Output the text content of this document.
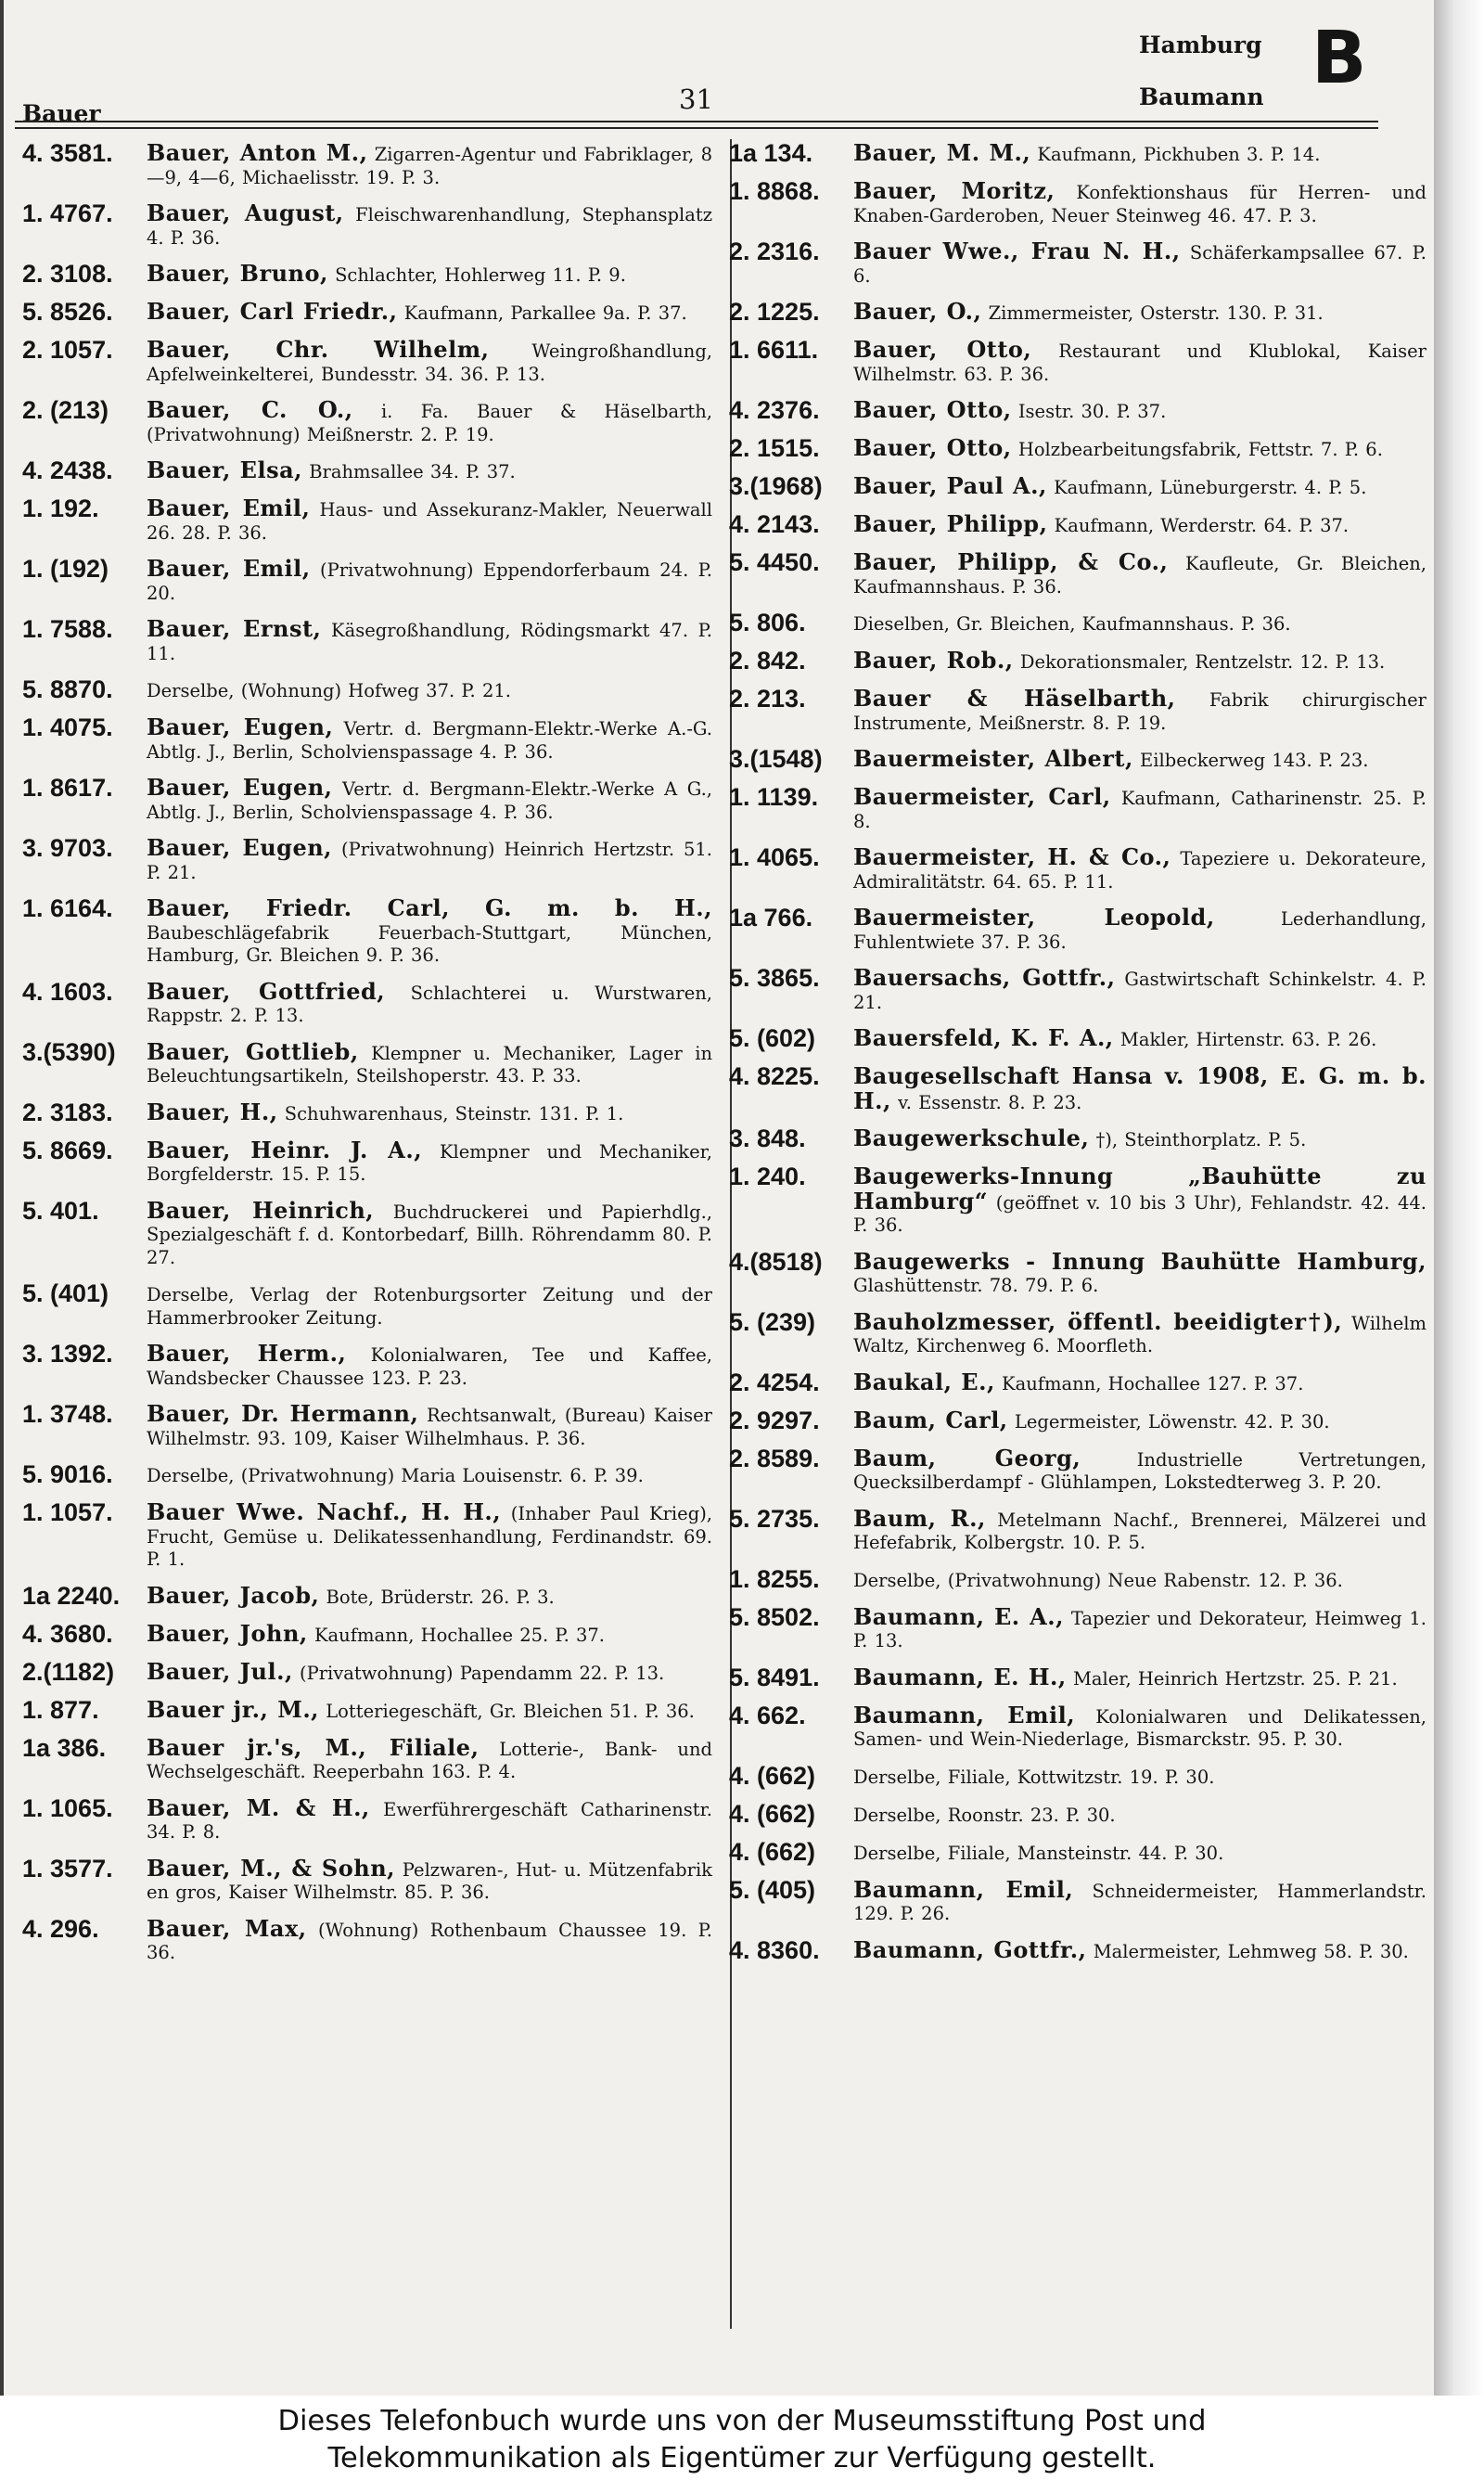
Bauer	31
Hamburg
Baumann B
4. 3581.	Bauer, Anton M., Zigarren-Agentur und Fabriklager, 8—9, 4—6, Michaelisstr. 19. P. 3.
1. 4767.	Bauer, August, Fleischwarenhandlung, Stephansplatz 4. P. 36.
2. 3108.	Bauer, Bruno, Schlachter, Hohlerweg 11. P. 9.
5. 8526.	Bauer, Carl Friedr., Kaufmann, Parkallee 9a. P. 37.
2. 1057.	Bauer, Chr. Wilhelm, Weingroßhandlung, Apfelweinkelterei, Bundesstr. 34. 36. P. 13.
2. (213)	Bauer, C. O., i. Fa. Bauer & Häselbarth, (Privatwohnung) Meißnerstr. 2. P. 19.
4. 2438.	Bauer, Elsa, Brahmsallee 34. P. 37.
1. 192.	Bauer, Emil, Haus- und Assekuranz-Makler, Neuerwall 26. 28. P. 36.
1. (192)	Bauer, Emil, (Privatwohnung) Eppendorferbaum 24. P. 20.
1. 7588.	Bauer, Ernst, Käsegroßhandlung, Rödingsmarkt 47. P. 11.
5. 8870.	Derselbe, (Wohnung) Hofweg 37. P. 21.
1. 4075.	Bauer, Eugen, Vertr. d. Bergmann-Elektr.-Werke A.-G. Abtlg. J., Berlin, Scholvienspassage 4. P. 36.
1. 8617.	Bauer, Eugen, Vertr. d. Bergmann-Elektr.-Werke A G., Abtlg. J., Berlin, Scholvienspassage 4. P. 36.
3. 9703.	Bauer, Eugen, (Privatwohnung) Heinrich Hertzstr. 51. P. 21.
1. 6164.	Bauer, Friedr. Carl, G. m. b. H., Baubeschlägefabrik Feuerbach-Stuttgart, München, Hamburg, Gr. Bleichen 9. P. 36.
4. 1603.	Bauer, Gottfried, Schlachterei u. Wurstwaren, Rappstr. 2. P. 13.
3.(5390)	Bauer, Gottlieb, Klempner u. Mechaniker, Lager in Beleuchtungsartikeln, Steilshoperstr. 43. P. 33.
2. 3183.	Bauer, H., Schuhwarenhaus, Steinstr. 131. P. 1.
5. 8669.	Bauer, Heinr. J. A., Klempner und Mechaniker, Borgfelderstr. 15. P. 15.
5. 401.	Bauer, Heinrich, Buchdruckerei und Papierhdlg., Spezialgeschäft f. d. Kontorbedarf, Billh. Röhrendamm 80. P. 27.
5. (401)	Derselbe, Verlag der Rotenburgsorter Zeitung und der Hammerbrooker Zeitung.
3. 1392.	Bauer, Herm., Kolonialwaren, Tee und Kaffee, Wandsbecker Chaussee 123. P. 23.
1. 3748.	Bauer, Dr. Hermann, Rechtsanwalt, (Bureau) Kaiser Wilhelmstr. 93. 109, Kaiser Wilhelmhaus. P. 36.
5. 9016.	Derselbe, (Privatwohnung) Maria Louisenstr. 6. P. 39.
1. 1057.	Bauer Wwe. Nachf., H. H., (Inhaber Paul Krieg), Frucht, Gemüse u. Delikatessenhandlung, Ferdinandstr. 69. P. 1.
1a 2240.	Bauer, Jacob, Bote, Brüderstr. 26. P. 3.
4. 3680.	Bauer, John, Kaufmann, Hochallee 25. P. 37.
2.(1182)	Bauer, Jul., (Privatwohnung) Papendamm 22. P. 13.
1. 877.	Bauer jr., M., Lotteriegeschäft, Gr. Bleichen 51. P. 36.
1a 386.	Bauer jr.'s, M., Filiale, Lotterie-, Bank- und Wechselgeschäft. Reeperbahn 163. P. 4.
1. 1065.	Bauer, M. & H., Ewerführergeschäft Catharinenstr. 34. P. 8.
1. 3577.	Bauer, M., & Sohn, Pelzwaren-, Hut- u. Mützenfabrik en gros, Kaiser Wilhelmstr. 85. P. 36.
4. 296.	Bauer, Max, (Wohnung) Rothenbaum Chaussee 19. P. 36.
1a 134.	Bauer, M. M., Kaufmann, Pickhuben 3. P. 14.
1. 8868.	Bauer, Moritz, Konfektionshaus für Herren- und Knaben-Garderoben, Neuer Steinweg 46. 47. P. 3.
2. 2316.	Bauer Wwe., Frau N. H., Schäferkampsallee 67. P. 6.
2. 1225.	Bauer, O., Zimmermeister, Osterstr. 130. P. 31.
1. 6611.	Bauer, Otto, Restaurant und Klublokal, Kaiser Wilhelmstr. 63. P. 36.
4. 2376.	Bauer, Otto, Isestr. 30. P. 37.
2. 1515.	Bauer, Otto, Holzbearbeitungsfabrik, Fettstr. 7. P. 6.
3.(1968)	Bauer, Paul A., Kaufmann, Lüneburgerstr. 4. P. 5.
4. 2143.	Bauer, Philipp, Kaufmann, Werderstr. 64. P. 37.
5. 4450.	Bauer, Philipp, & Co., Kaufleute, Gr. Bleichen, Kaufmannshaus. P. 36.
5. 806.	Dieselben, Gr. Bleichen, Kaufmannshaus. P. 36.
2. 842.	Bauer, Rob., Dekorationsmaler, Rentzelstr. 12. P. 13.
2. 213.	Bauer & Häselbarth, Fabrik chirurgischer Instrumente, Meißnerstr. 8. P. 19.
3.(1548)	Bauermeister, Albert, Eilbeckerweg 143. P. 23.
1. 1139.	Bauermeister, Carl, Kaufmann, Catharinenstr. 25. P. 8.
1. 4065.	Bauermeister, H. & Co., Tapeziere u. Dekorateure, Admiralitätstr. 64. 65. P. 11.
1a 766.	Bauermeister, Leopold,	Lederhandlung, Fuhlentwiete 37. P. 36.
5. 3865.	Bauersachs, Gottfr., Gastwirtschaft Schinkelstr. 4. P. 21.
5. (602)	Bauersfeld, K. F. A., Makler, Hirtenstr. 63. P. 26.
4. 8225.	Baugesellschaft Hansa v. 1908, E. G. m. b. H., v. Essenstr. 8. P. 23.
3. 848.	Baugewerkschule, †), Steinthorplatz. P. 5.
1. 240.	Baugewerks-Innung „Bauhütte zu Hamburg“ (geöffnet v. 10 bis 3 Uhr), Fehlandstr. 42. 44. P. 36.
4.(8518)	Baugewerks - Innung Bauhütte Hamburg, Glashüttenstr. 78. 79. P. 6.
5. (239)	Bauholzmesser, öffentl. beeidigter†), Wilhelm Waltz, Kirchenweg 6. Moorfleth.
2. 4254.	Baukal, E., Kaufmann, Hochallee 127. P. 37.
2. 9297.	Baum, Carl, Legermeister, Löwenstr. 42. P. 30.
2. 8589.	Baum, Georg,	Industrielle Vertretungen, Quecksilberdampf - Glühlampen, Lokstedterweg 3. P. 20.
5. 2735.	Baum, R., Metelmann Nachf., Brennerei, Mälzerei und Hefefabrik, Kolbergstr. 10. P. 5.
1. 8255.	Derselbe, (Privatwohnung) Neue Rabenstr. 12. P. 36.
5. 8502.	Baumann, E. A., Tapezier und Dekorateur, Heimweg 1. P. 13.
5. 8491.	Baumann, E. H., Maler, Heinrich Hertzstr. 25. P. 21.
4. 662.	Baumann, Emil, Kolonialwaren und Delikatessen, Samen- und Wein-Niederlage, Bismarckstr. 95. P. 30.
4. (662)	Derselbe, Filiale, Kottwitzstr. 19. P. 30.
4. (662)	Derselbe, Roonstr. 23. P. 30.
4. (662)	Derselbe, Filiale, Mansteinstr. 44. P. 30.
5. (405)	Baumann, Emil, Schneidermeister, Hammerlandstr. 129. P. 26.
4. 8360.	Baumann, Gottfr., Malermeister, Lehmweg 58. P. 30.
Dieses Telefonbuch wurde uns von der Museumsstiftung Post und
Telekommunikation als Eigentümer zur Verfügung gestellt.
